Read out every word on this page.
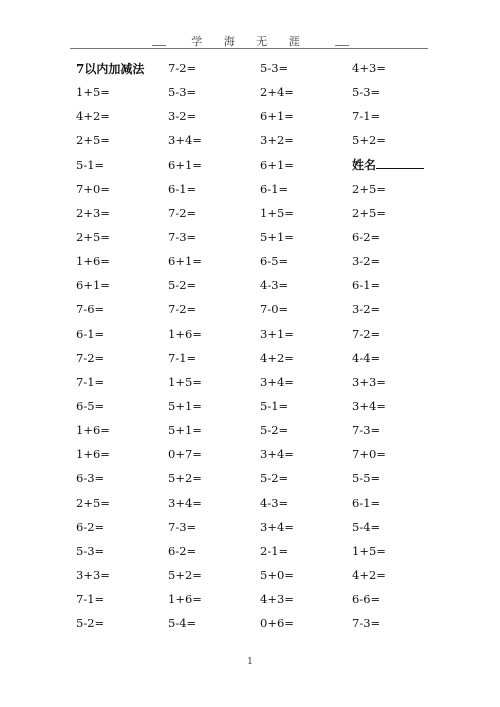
学 海 无 涯
7以内加减法	7-2=	5-3=	4+3=
1+5=	5-3=	2+4=	5-3=
4+2=	3-2=	6+1=	7-1=
2+5=	3+4=	3+2=	5+2=
5-1=	6+1=	6+1=	姓名
7+0=	6-1=	6-1=	2+5=
2+3=	7-2=	1+5=	2+5=
2+5=	7-3=	5+1=	6-2=
1+6=	6+1=	6-5=	3-2=
6+1=	5-2=	4-3=	6-1=
7-6=	7-2=	7-0=	3-2=
6-1=	1+6=	3+1=	7-2=
7-2=	7-1=	4+2=	4-4=
7-1=	1+5=	3+4=	3+3=
6-5=	5+1=	5-1=	3+4=
1+6=	5+1=	5-2=	7-3=
1+6=	0+7=	3+4=	7+0=
6-3=	5+2=	5-2=	5-5=
2+5=	3+4=	4-3=	6-1=
6-2=	7-3=	3+4=	5-4=
5-3=	6-2=	2-1=	1+5=
3+3=	5+2=	5+0=	4+2=
7-1=	1+6=	4+3=	6-6=
5-2=	5-4=	0+6=	7-3=
1
